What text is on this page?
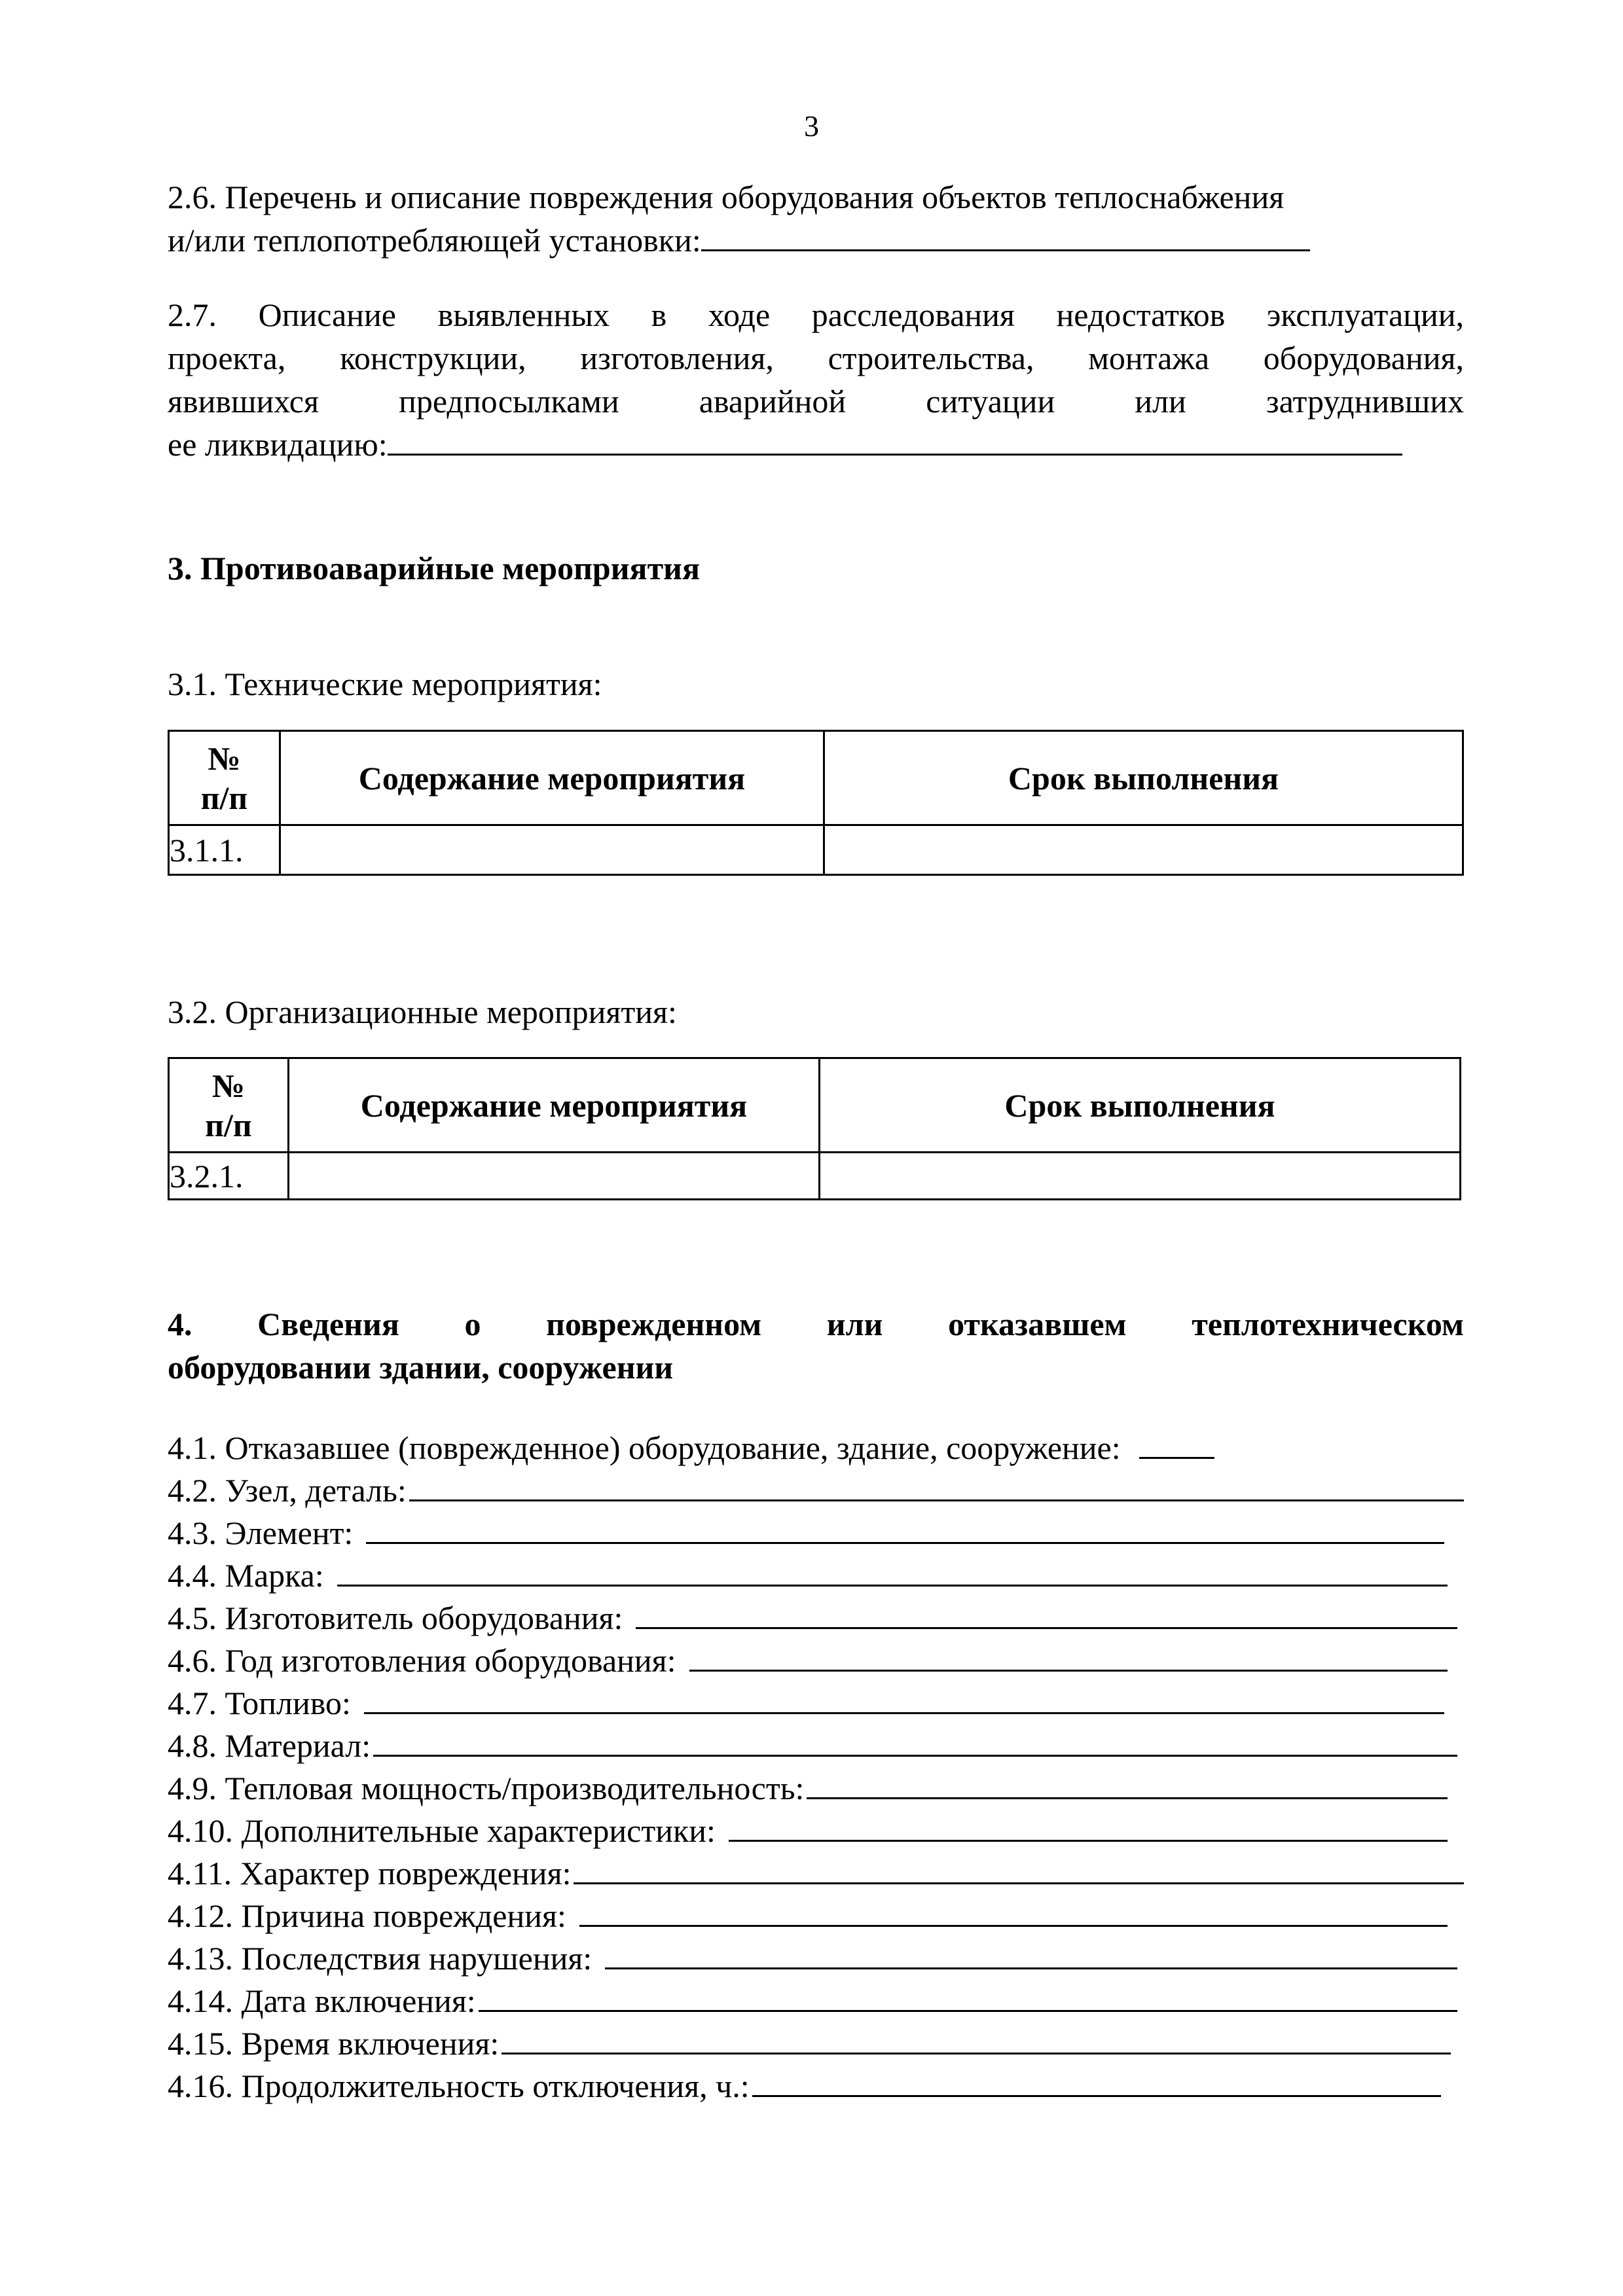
3
2.6. Перечень и описание повреждения оборудования объектов теплоснабжения
и/или теплопотребляющей установки:
2.7. Описание выявленных в ходе расследования недостатков эксплуатации,
проекта, конструкции, изготовления, строительства, монтажа оборудования,
явившихся предпосылками аварийной ситуации или затруднивших
ее ликвидацию:
3. Противоаварийные мероприятия
3.1. Технические мероприятия:
№
п/п	Содержание мероприятия	Срок выполнения
3.1.1.		
3.2. Организационные мероприятия:
№
п/п	Содержание мероприятия	Срок выполнения
3.2.1.		
4. Сведения о поврежденном или отказавшем теплотехническом
оборудовании здании, сооружении
4.1. Отказавшее (поврежденное) оборудование, здание, сооружение:
4.2. Узел, деталь:
4.3. Элемент:
4.4. Марка:
4.5. Изготовитель оборудования:
4.6. Год изготовления оборудования:
4.7. Топливо:
4.8. Материал:
4.9. Тепловая мощность/производительность:
4.10. Дополнительные характеристики:
4.11. Характер повреждения:
4.12. Причина повреждения:
4.13. Последствия нарушения:
4.14. Дата включения:
4.15. Время включения:
4.16. Продолжительность отключения, ч.:
